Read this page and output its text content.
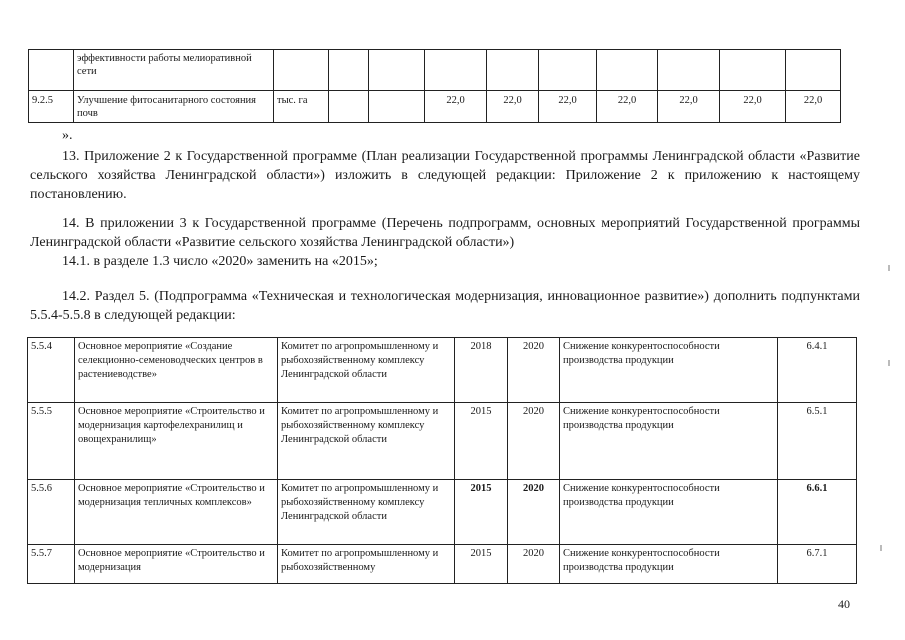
	эффективности работы мелиоративной сети										
9.2.5	Улучшение фитосанитарного состояния почв	тыс. га			22,0	22,0	22,0	22,0	22,0	22,0	22,0
».

13. Приложение 2 к Государственной программе (План реализации Государственной программы Ленинградской области «Развитие сельского хозяйства Ленинградской области») изложить в следующей редакции: Приложение 2 к приложению к настоящему постановлению.

14. В приложении 3 к Государственной программе (Перечень подпрограмм, основных мероприятий Государственной программы Ленинградской области «Развитие сельского хозяйства Ленинградской области»)

14.1. в разделе 1.3 число «2020» заменить на «2015»;

14.2. Раздел 5. (Подпрограмма «Техническая и технологическая модернизация, инновационное развитие») дополнить подпунктами 5.5.4-5.5.8 в следующей редакции:

5.5.4	Основное мероприятие «Создание селекционно-семеноводческих центров в растениеводстве»	Комитет по агропромышленному и рыбохозяйственному комплексу Ленинградской области	2018	2020	Снижение конкурентоспособности производства продукции	6.4.1
5.5.5	Основное мероприятие «Строительство и модернизация картофелехранилищ и овощехранилищ»	Комитет по агропромышленному и рыбохозяйственному комплексу Ленинградской области	2015	2020	Снижение конкурентоспособности производства продукции	6.5.1
5.5.6	Основное мероприятие «Строительство и модернизация тепличных комплексов»	Комитет по агропромышленному и рыбохозяйственному комплексу Ленинградской области	2015	2020	Снижение конкурентоспособности производства продукции	6.6.1
5.5.7	Основное мероприятие «Строительство и модернизация	Комитет по агропромышленному и рыбохозяйственному	2015	2020	Снижение конкурентоспособности производства продукции	6.7.1
40
